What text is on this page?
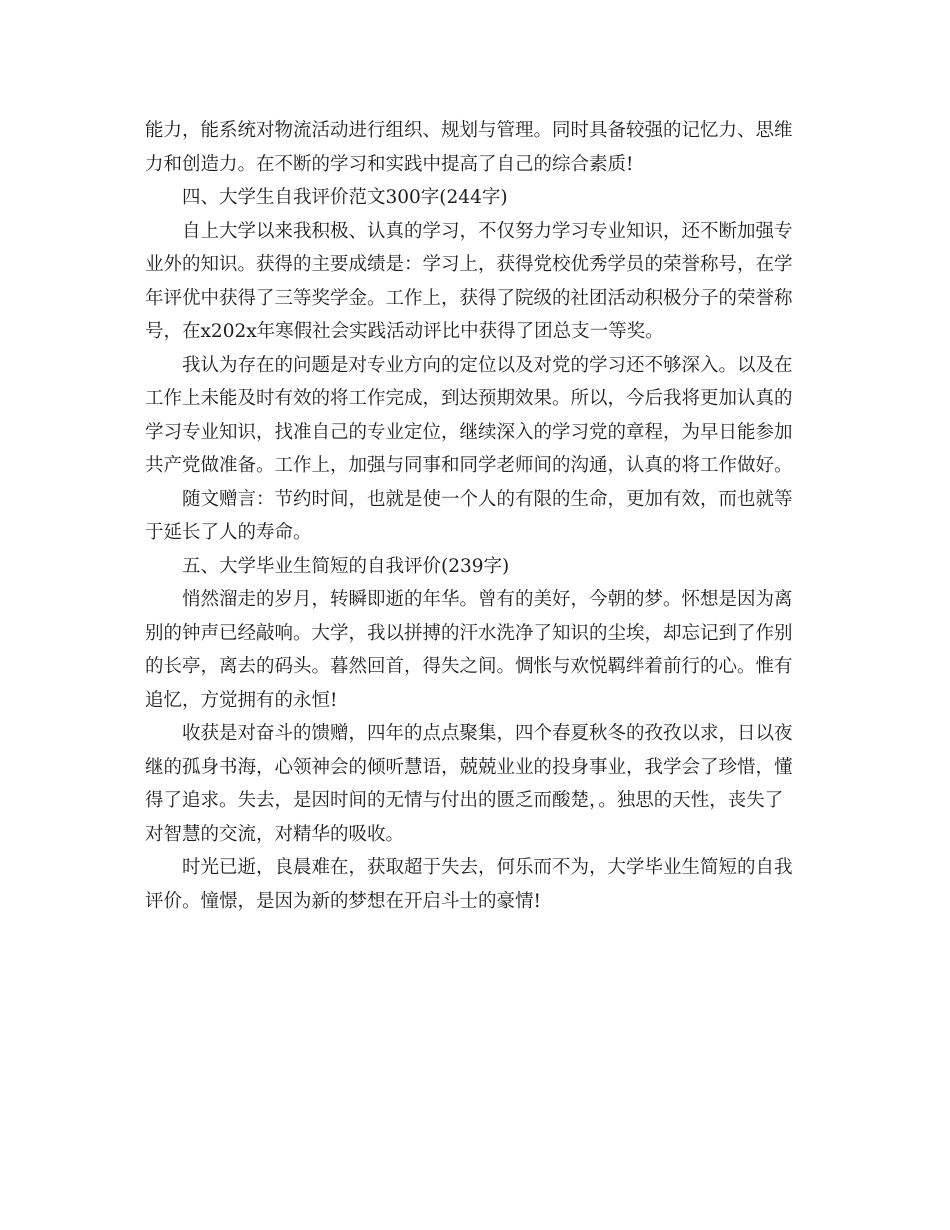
能力，能系统对物流活动进行组织、规划与管理。同时具备较强的记忆力、思维
力和创造力。在不断的学习和实践中提高了自己的综合素质!
四、大学生自我评价范文300字(244字)
自上大学以来我积极、认真的学习，不仅努力学习专业知识，还不断加强专
业外的知识。获得的主要成绩是：学习上，获得党校优秀学员的荣誉称号，在学
年评优中获得了三等奖学金。工作上，获得了院级的社团活动积极分子的荣誉称
号，在x202x年寒假社会实践活动评比中获得了团总支一等奖。
我认为存在的问题是对专业方向的定位以及对党的学习还不够深入。以及在
工作上未能及时有效的将工作完成，到达预期效果。所以，今后我将更加认真的
学习专业知识，找准自己的专业定位，继续深入的学习党的章程，为早日能参加
共产党做准备。工作上，加强与同事和同学老师间的沟通，认真的将工作做好。
随文赠言：节约时间，也就是使一个人的有限的生命，更加有效，而也就等
于延长了人的寿命。
五、大学毕业生简短的自我评价(239字)
悄然溜走的岁月，转瞬即逝的年华。曾有的美好，今朝的梦。怀想是因为离
别的钟声已经敲响。大学，我以拼搏的汗水洗净了知识的尘埃，却忘记到了作别
的长亭，离去的码头。暮然回首，得失之间。惆怅与欢悦羁绊着前行的心。惟有
追忆，方觉拥有的永恒!
收获是对奋斗的馈赠，四年的点点聚集，四个春夏秋冬的孜孜以求，日以夜
继的孤身书海，心领神会的倾听慧语，兢兢业业的投身事业，我学会了珍惜，懂
得了追求。失去，是因时间的无情与付出的匮乏而酸楚，。独思的天性，丧失了
对智慧的交流，对精华的吸收。
时光已逝，良晨难在，获取超于失去，何乐而不为，大学毕业生简短的自我
评价。憧憬，是因为新的梦想在开启斗士的豪情!
